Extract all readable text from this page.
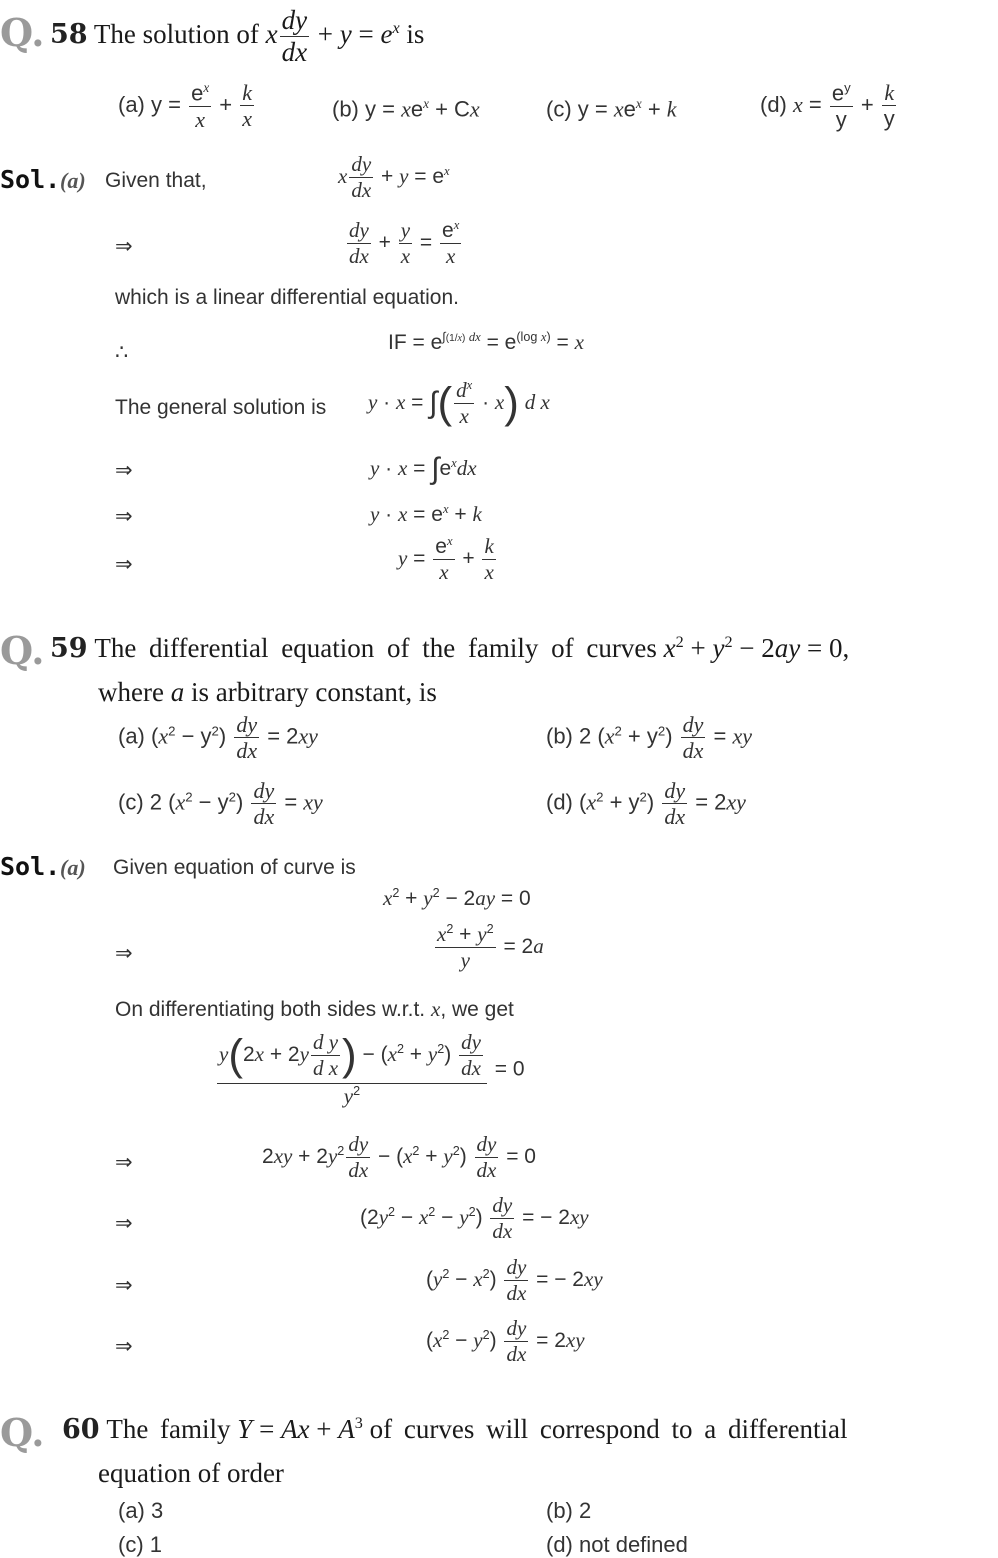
Q. 58 The solution of x $\frac{dy}{dx} + y = e^x$ is
(a) $y = \frac{e^x}{x} + \frac{k}{x}$	(b) $y = xe^x + Cx$	(c) $y = xe^x + k$	(d) $x = \frac{e^y}{y} + \frac{k}{y}$
Sol. (a) Given that,	x $\frac{dy}{dx} + y = e^x$
⇒	$\frac{dy}{dx} + \frac{y}{x} = \frac{e^x}{x}$
which is a linear differential equation.
∴	IF = $e^{\int(1/x) dx} = e^{(log x)} = x$
The general solution is y · x = ∫( $\frac{d^x}{x} \cdot x$) d x
⇒	$y \cdot x = \int e^xdx$
⇒	$y \cdot x = e^x + k$
⇒	$y = \frac{e^x}{x} + \frac{k}{x}$
Q. 59 The differential equation of the family of curves $x^2 + y^2 - 2ay = 0$,
where a is arbitrary constant, is
(a) $(x^2 - y^2) \frac{dy}{dx} = 2xy$	(b) 2 $(x^2 + y^2) \frac{dy}{dx}$ = xy
(c) 2 $(x^2 - y^2) \frac{dy}{dx}$ = xy	(d) $(x^2 + y^2) \frac{dy}{dx} = 2xy$
Sol. (a) Given equation of curve is
$x^2 + y^2 - 2ay = 0$
⇒	$\frac{x^2 + y^2}{y} = 2a$
On differentiating both sides w.r.t. x, we get
$\frac{y(2x + 2y \frac{\text{d y}}{\text{d x}} ) - (x^2 + y^2) \frac{dy}{dx}}{y^2} = 0$
⇒	$2xy + 2y^2 \frac{dy}{dx} - (x^2 + y^2) \frac{dy}{dx} = 0$
⇒	$(2y^2 - x^2 - y^2) \frac{dy}{dx}$ = − 2xy
⇒	$(y^2 - x^2) \frac{dy}{dx}$ = − 2xy
⇒	$(x^2 - y^2) \frac{dy}{dx} = 2xy$
Q. 60 The family $Y = Ax + A^3$ of curves will correspond to a differential
equation of order
(a) 3	(b) 2
(c) 1	(d) not defined
